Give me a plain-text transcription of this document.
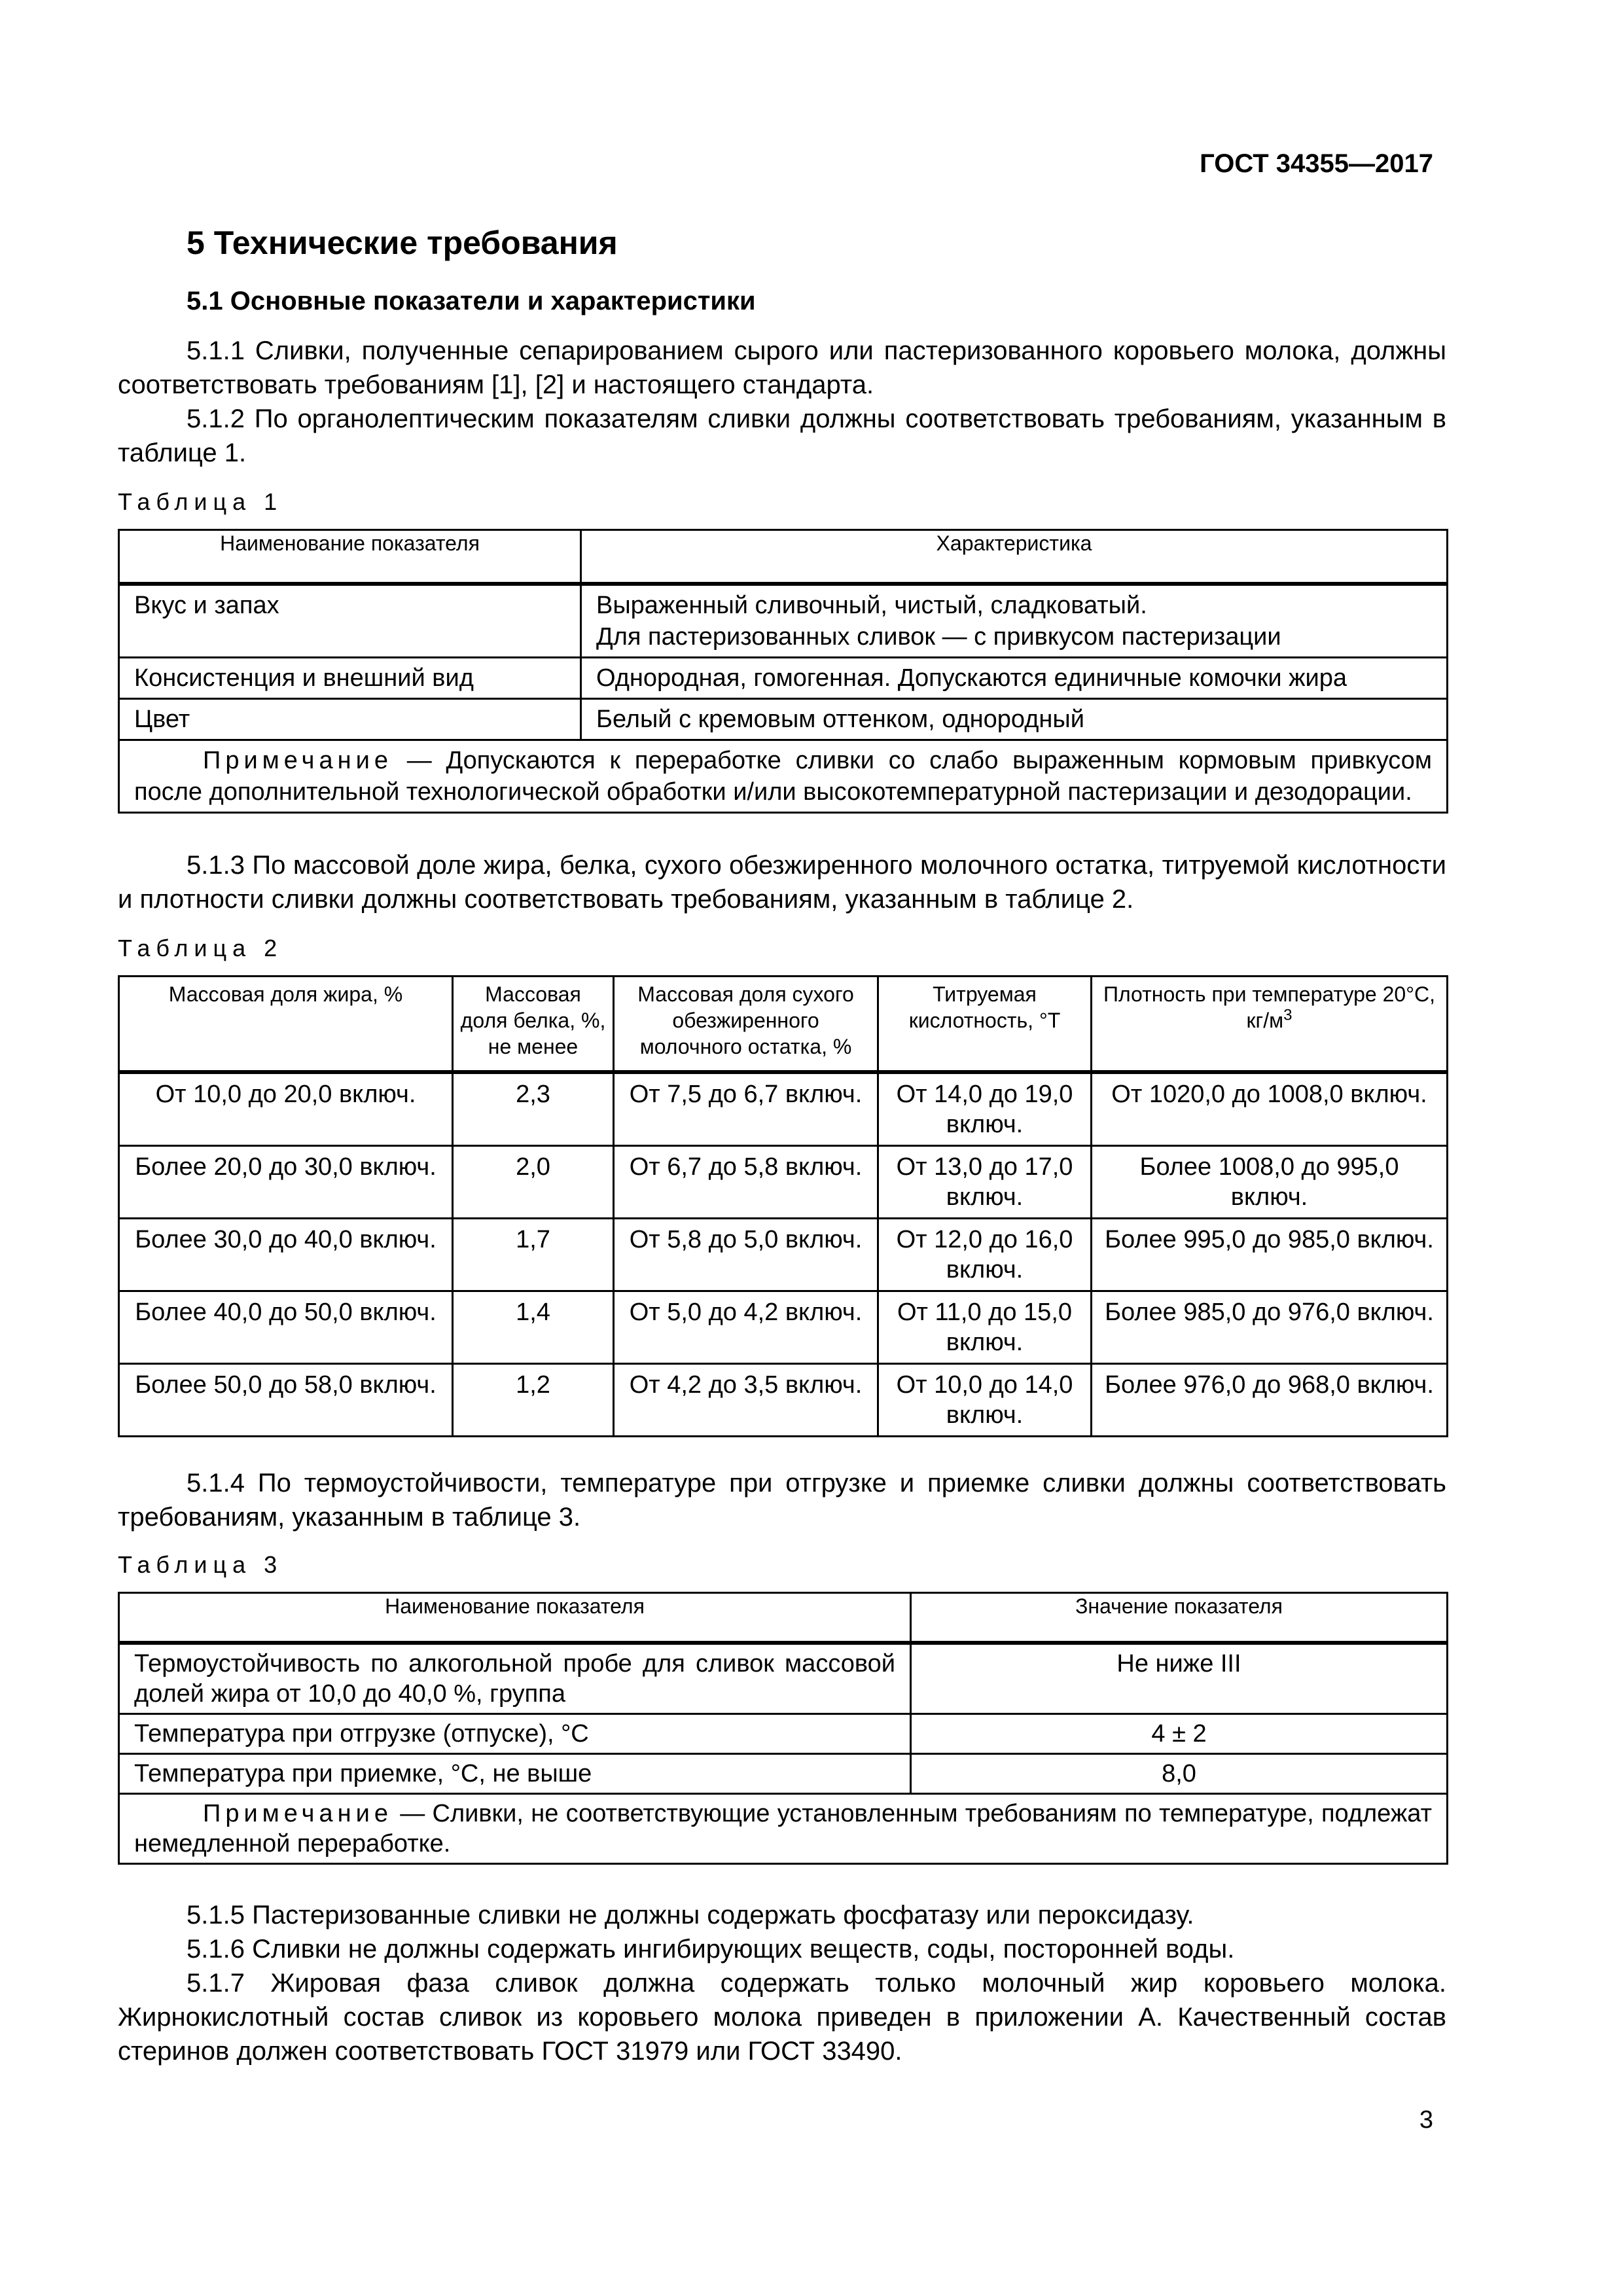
ГОСТ 34355—2017
5 Технические требования
5.1 Основные показатели и характеристики
5.1.1 Сливки, полученные сепарированием сырого или пастеризованного коровьего молока, должны соответствовать требованиям [1], [2] и настоящего стандарта.
5.1.2 По органолептическим показателям сливки должны соответствовать требованиям, указанным в таблице 1.
Таблица 1
Наименование показателя	Характеристика
Вкус и запах	Выраженный сливочный, чистый, сладковатый.
Для пастеризованных сливок — с привкусом пастеризации

Консистенция и внешний вид	Однородная, гомогенная. Допускаются единичные комочки жира
Цвет	Белый с кремовым оттенком, однородный
Примечание — Допускаются к переработке сливки со слабо выраженным кормовым привкусом после дополнительной технологической обработки и/или высокотемпературной пастеризации и дезодорации.	
5.1.3 По массовой доле жира, белка, сухого обезжиренного молочного остатка, титруемой кислотности и плотности сливки должны соответствовать требованиям, указанным в таблице 2.
Таблица 2
Массовая доля жира, %	Массовая доля белка, %, не менее	Массовая доля сухого обезжиренного молочного остатка, %	Титруемая кислотность, °Т	Плотность при температуре 20°С, $кг/м^3$
От 10,0 до 20,0 включ.	2,3	От 7,5 до 6,7 включ.	От 14,0 до 19,0 включ.	От 1020,0 до 1008,0 включ.
Более 20,0 до 30,0 включ.	2,0	От 6,7 до 5,8 включ.	От 13,0 до 17,0 включ.	Более 1008,0 до 995,0 включ.
Более 30,0 до 40,0 включ.	1,7	От 5,8 до 5,0 включ.	От 12,0 до 16,0 включ.	Более 995,0 до 985,0 включ.
Более 40,0 до 50,0 включ.	1,4	От 5,0 до 4,2 включ.	От 11,0 до 15,0 включ.	Более 985,0 до 976,0 включ.
Более 50,0 до 58,0 включ.	1,2	От 4,2 до 3,5 включ.	От 10,0 до 14,0 включ.	Более 976,0 до 968,0 включ.
5.1.4 По термоустойчивости, температуре при отгрузке и приемке сливки должны соответствовать требованиям, указанным в таблице 3.
Таблица 3
Наименование показателя	Значение показателя
Термоустойчивость по алкогольной пробе для сливок массовой долей жира от 10,0 до 40,0 %, группа	Не ниже III
Температура при отгрузке (отпуске), °С	4 ± 2
Температура при приемке, °С, не выше	8,0
Примечание — Сливки, не соответствующие установленным требованиям по температуре, подлежат немедленной переработке.	
5.1.5 Пастеризованные сливки не должны содержать фосфатазу или пероксидазу.
5.1.6 Сливки не должны содержать ингибирующих веществ, соды, посторонней воды.
5.1.7 Жировая фаза сливок должна содержать только молочный жир коровьего молока. Жирнокислотный состав сливок из коровьего молока приведен в приложении А. Качественный состав стеринов должен соответствовать ГОСТ 31979 или ГОСТ 33490.
3
